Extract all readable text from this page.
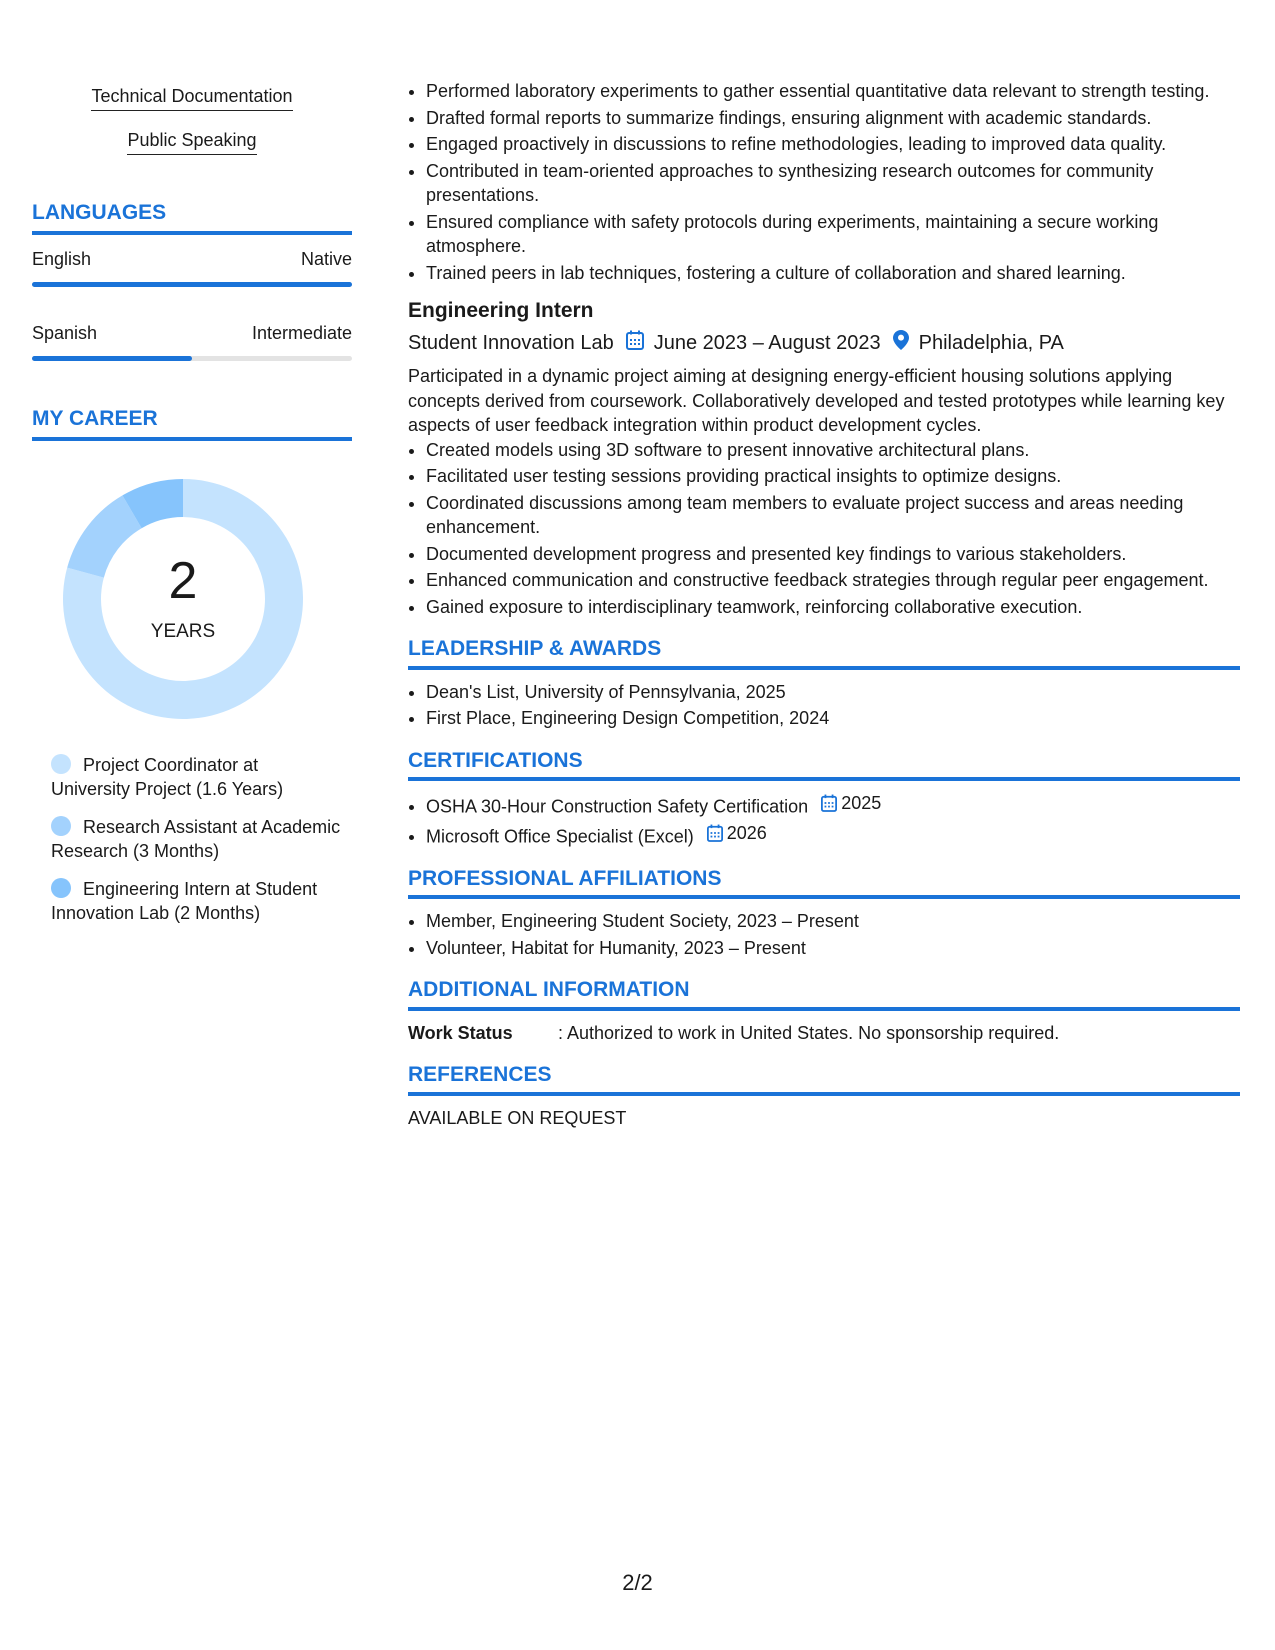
Technical Documentation
Public Speaking
LANGUAGES
English	Native
Spanish	Intermediate
MY CAREER
2
YEARS
Project Coordinator at University Project (1.6 Years)
Research Assistant at Academic Research (3 Months)
Engineering Intern at Student Innovation Lab (2 Months)
• Performed laboratory experiments to gather essential quantitative data relevant to strength testing.
• Drafted formal reports to summarize findings, ensuring alignment with academic standards.
• Engaged proactively in discussions to refine methodologies, leading to improved data quality.
• Contributed in team-oriented approaches to synthesizing research outcomes for community presentations.
• Ensured compliance with safety protocols during experiments, maintaining a secure working atmosphere.
• Trained peers in lab techniques, fostering a culture of collaboration and shared learning.
Engineering Intern
Student Innovation Lab June 2023 – August 2023 Philadelphia, PA
Participated in a dynamic project aiming at designing energy-efficient housing solutions applying concepts derived from coursework. Collaboratively developed and tested prototypes while learning key aspects of user feedback integration within product development cycles.
• Created models using 3D software to present innovative architectural plans.
• Facilitated user testing sessions providing practical insights to optimize designs.
• Coordinated discussions among team members to evaluate project success and areas needing enhancement.
• Documented development progress and presented key findings to various stakeholders.
• Enhanced communication and constructive feedback strategies through regular peer engagement.
• Gained exposure to interdisciplinary teamwork, reinforcing collaborative execution.
LEADERSHIP & AWARDS
• Dean's List, University of Pennsylvania, 2025
• First Place, Engineering Design Competition, 2024
CERTIFICATIONS
• OSHA 30-Hour Construction Safety Certification 2025
• Microsoft Office Specialist (Excel) 2026
PROFESSIONAL AFFILIATIONS
• Member, Engineering Student Society, 2023 – Present
• Volunteer, Habitat for Humanity, 2023 – Present
ADDITIONAL INFORMATION
Work Status	: Authorized to work in United States. No sponsorship required.
REFERENCES
AVAILABLE ON REQUEST
2/2
